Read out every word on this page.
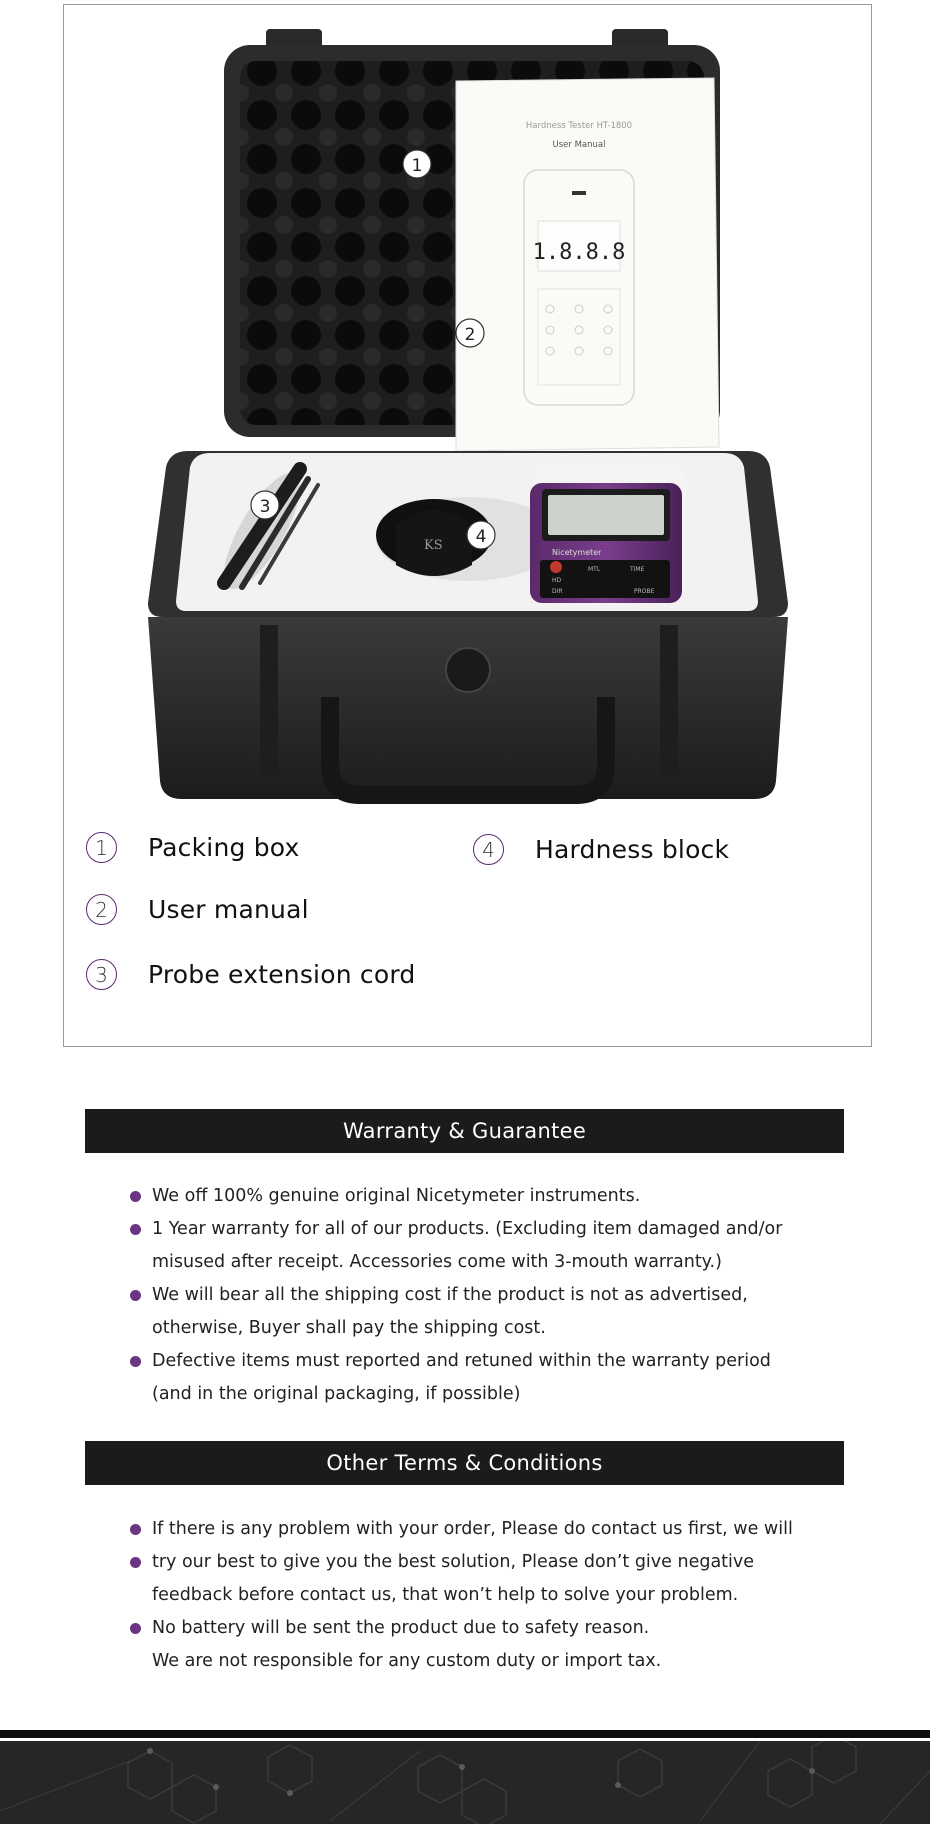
Hardness Tester HT-1800
User Manual
1.8.8.8
KS	Nicetymeter
MTL	TIME
HD
DIR	PROBE
1
2
3
4
1	Packing box
2	User manual
3	Probe extension cord
4	Hardness block
Warranty & Guarantee
We off 100% genuine original Nicetymeter instruments.
1 Year warranty for all of our products. (Excluding item damaged and/or
misused after receipt. Accessories come with 3-mouth warranty.)
We will bear all the shipping cost if the product is not as advertised,
otherwise, Buyer shall pay the shipping cost.
Defective items must reported and retuned within the warranty period
(and in the original packaging, if possible)
Other Terms & Conditions
If there is any problem with your order, Please do contact us first, we will
try our best to give you the best solution, Please don’t give negative
feedback before contact us, that won’t help to solve your problem.
No battery will be sent the product due to safety reason.
We are not responsible for any custom duty or import tax.
